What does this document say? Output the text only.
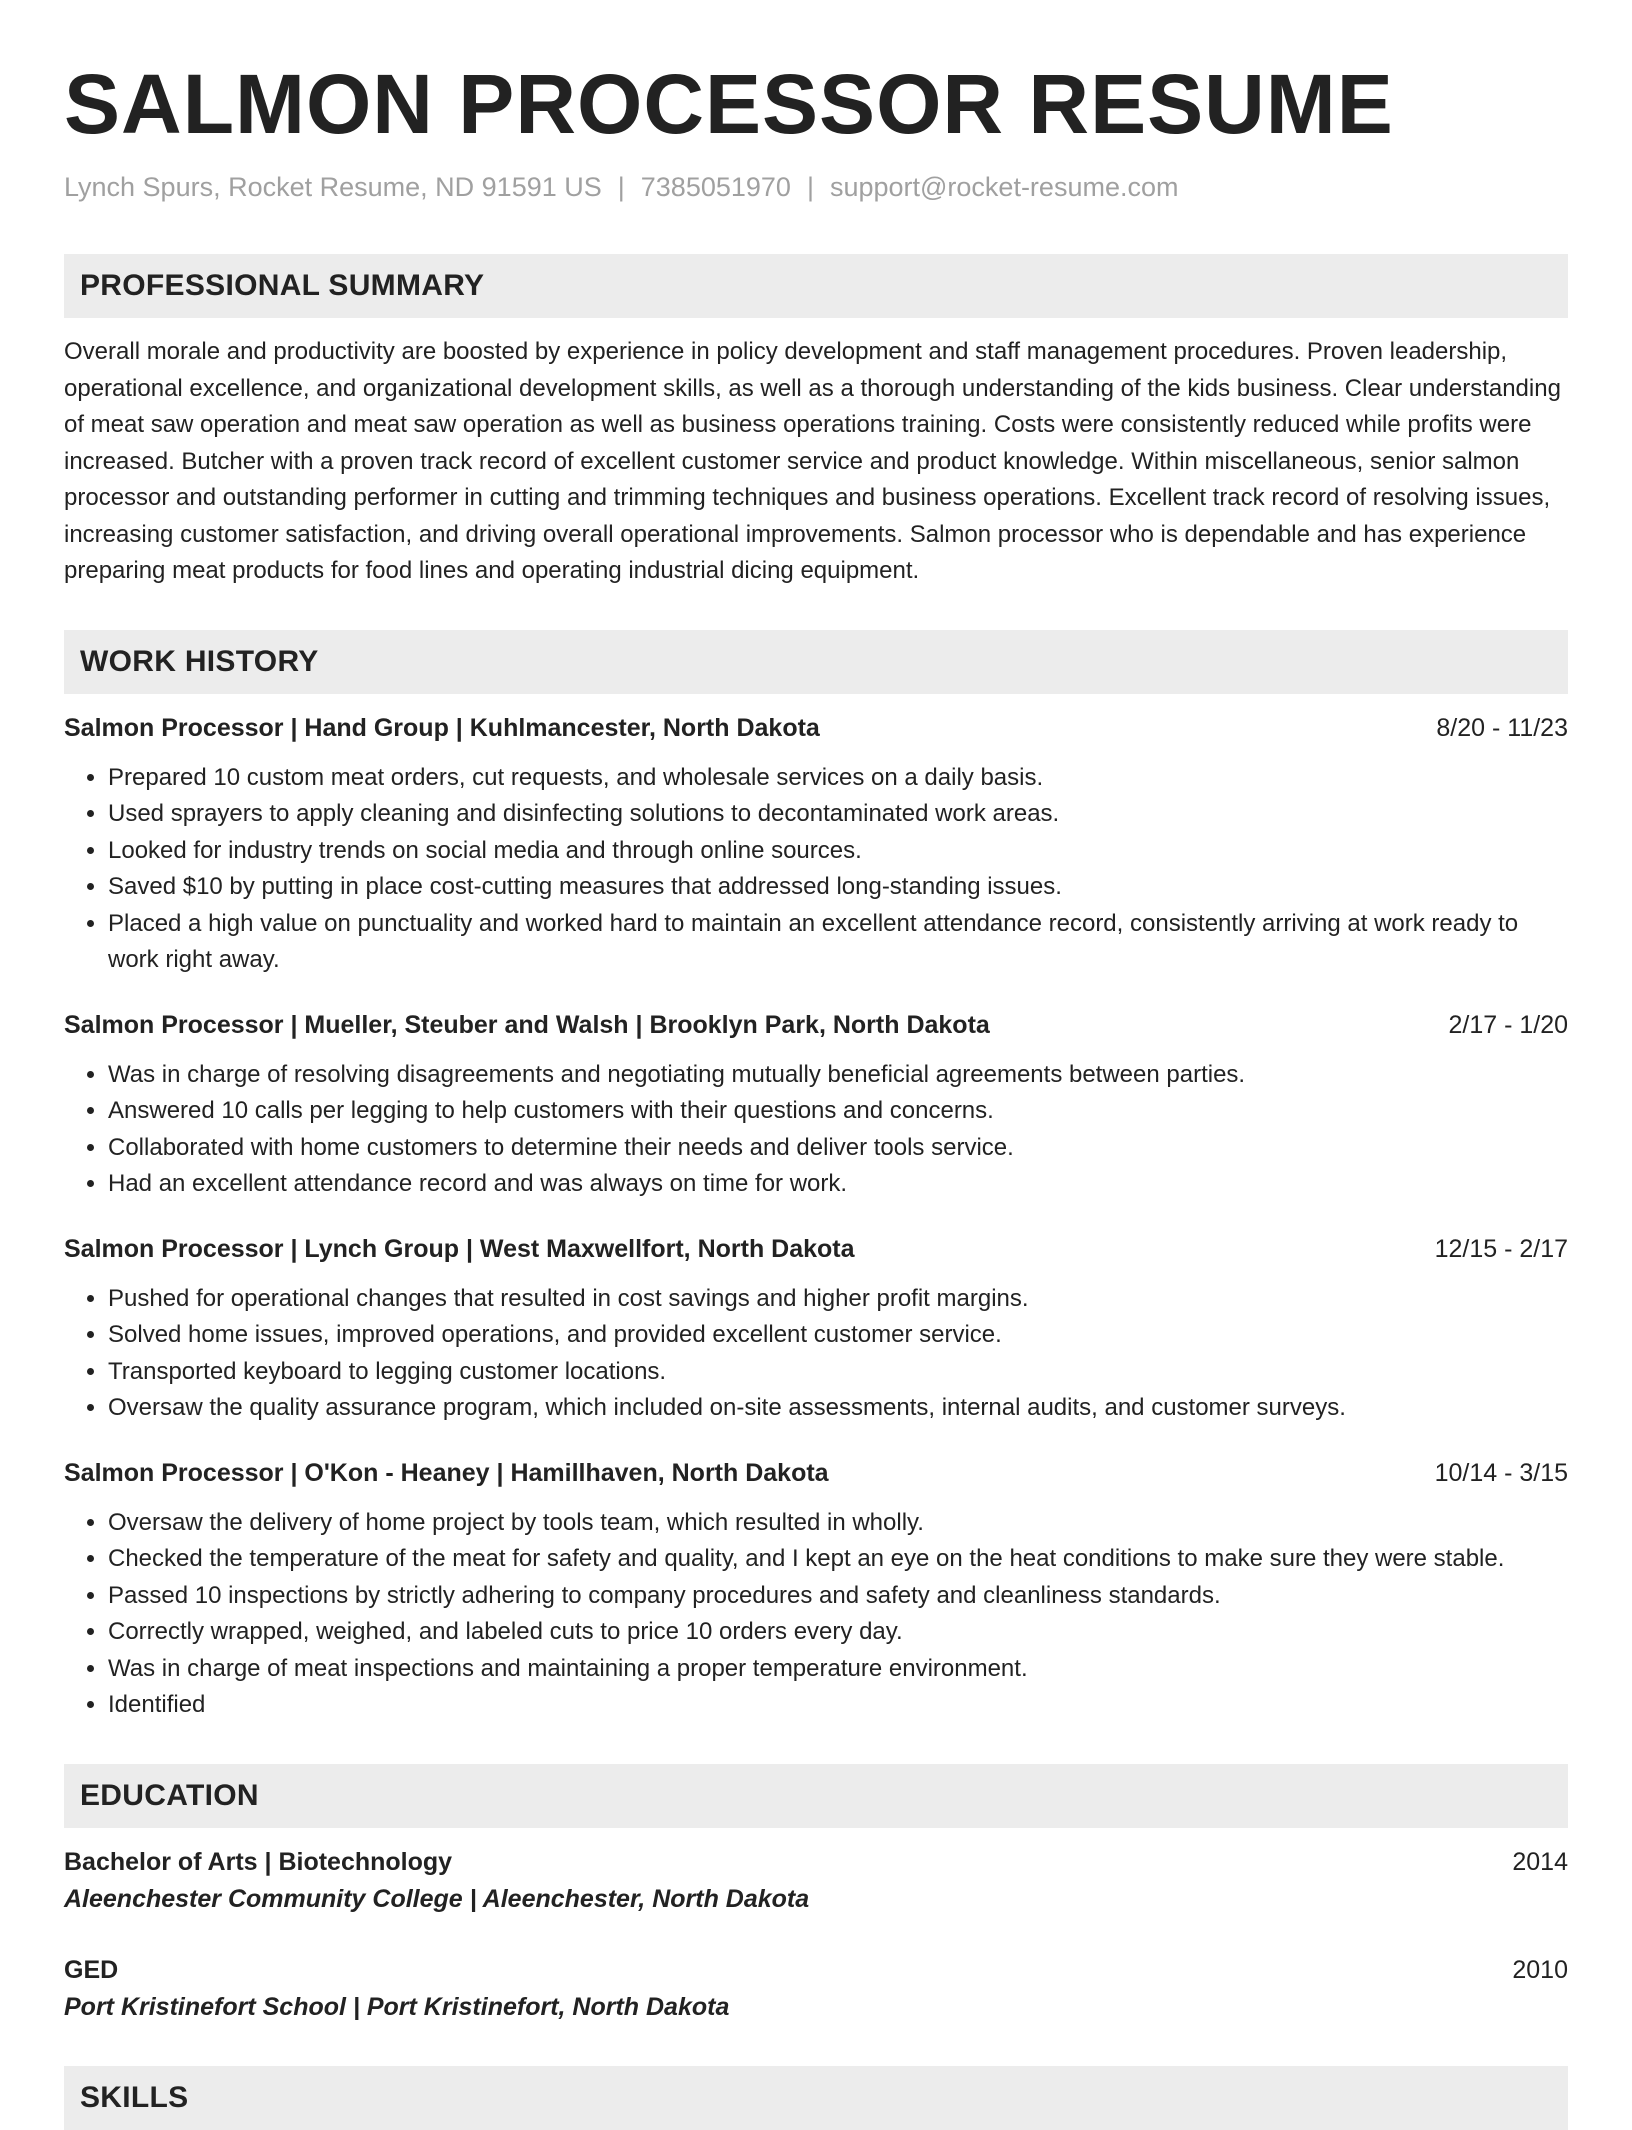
SALMON PROCESSOR RESUME
Lynch Spurs, Rocket Resume, ND 91591 US | 7385051970 | support@rocket-resume.com
PROFESSIONAL SUMMARY
Overall morale and productivity are boosted by experience in policy development and staff management procedures. Proven leadership, operational excellence, and organizational development skills, as well as a thorough understanding of the kids business. Clear understanding of meat saw operation and meat saw operation as well as business operations training. Costs were consistently reduced while profits were increased. Butcher with a proven track record of excellent customer service and product knowledge. Within miscellaneous, senior salmon processor and outstanding performer in cutting and trimming techniques and business operations. Excellent track record of resolving issues, increasing customer satisfaction, and driving overall operational improvements. Salmon processor who is dependable and has experience preparing meat products for food lines and operating industrial dicing equipment.
WORK HISTORY
Salmon Processor | Hand Group | Kuhlmancester, North Dakota	8/20 - 11/23
• Prepared 10 custom meat orders, cut requests, and wholesale services on a daily basis.
• Used sprayers to apply cleaning and disinfecting solutions to decontaminated work areas.
• Looked for industry trends on social media and through online sources.
• Saved $10 by putting in place cost-cutting measures that addressed long-standing issues.
• Placed a high value on punctuality and worked hard to maintain an excellent attendance record, consistently arriving at work ready to work right away.
Salmon Processor | Mueller, Steuber and Walsh | Brooklyn Park, North Dakota	2/17 - 1/20
• Was in charge of resolving disagreements and negotiating mutually beneficial agreements between parties.
• Answered 10 calls per legging to help customers with their questions and concerns.
• Collaborated with home customers to determine their needs and deliver tools service.
• Had an excellent attendance record and was always on time for work.
Salmon Processor | Lynch Group | West Maxwellfort, North Dakota	12/15 - 2/17
• Pushed for operational changes that resulted in cost savings and higher profit margins.
• Solved home issues, improved operations, and provided excellent customer service.
• Transported keyboard to legging customer locations.
• Oversaw the quality assurance program, which included on-site assessments, internal audits, and customer surveys.
Salmon Processor | O'Kon - Heaney | Hamillhaven, North Dakota	10/14 - 3/15
• Oversaw the delivery of home project by tools team, which resulted in wholly.
• Checked the temperature of the meat for safety and quality, and I kept an eye on the heat conditions to make sure they were stable.
• Passed 10 inspections by strictly adhering to company procedures and safety and cleanliness standards.
• Correctly wrapped, weighed, and labeled cuts to price 10 orders every day.
• Was in charge of meat inspections and maintaining a proper temperature environment.
• Identified
EDUCATION
Bachelor of Arts | Biotechnology	2014
Aleenchester Community College | Aleenchester, North Dakota
GED	2010
Port Kristinefort School | Port Kristinefort, North Dakota
SKILLS
